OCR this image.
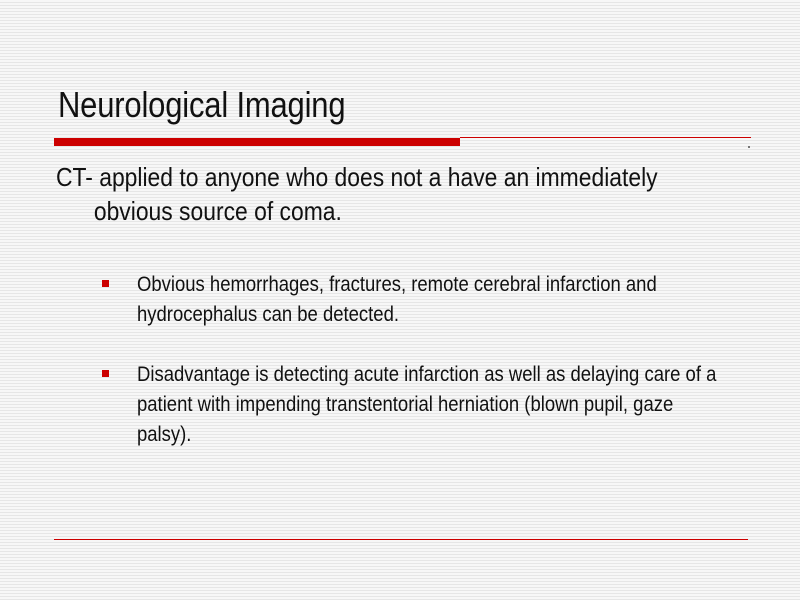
Neurological Imaging
CT- applied to anyone who does not a have an immediately obvious source of coma.
Obvious hemorrhages, fractures, remote cerebral infarction and hydrocephalus can be detected.
Disadvantage is detecting acute infarction as well as delaying care of a patient with impending transtentorial herniation (blown pupil, gaze palsy).
